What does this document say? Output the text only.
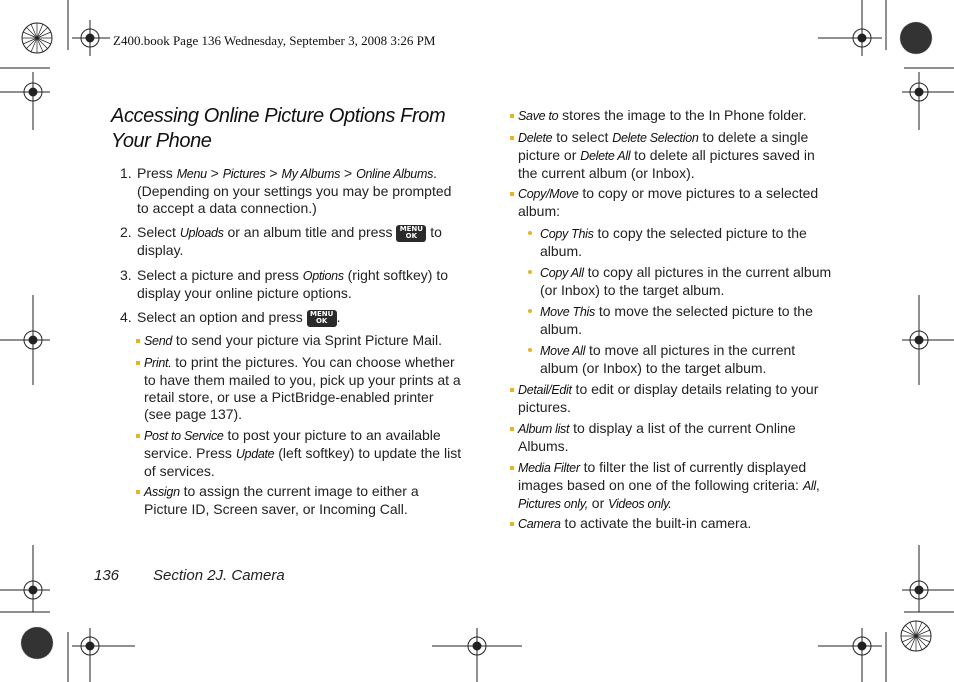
Z400.book Page 136 Wednesday, September 3, 2008 3:26 PM
Accessing Online Picture Options From Your Phone
1. Press Menu > Pictures > My Albums > Online Albums. (Depending on your settings you may be prompted to accept a data connection.)
2. Select Uploads or an album title and press MENU
OK to display.
3. Select a picture and press Options (right softkey) to display your online picture options.
4. Select an option and press MENU
OK .
Send to send your picture via Sprint Picture Mail.
Print. to print the pictures. You can choose whether to have them mailed to you, pick up your prints at a retail store, or use a PictBridge-enabled printer (see page 137).
Post to Service to post your picture to an available service. Press Update (left softkey) to update the list of services.
Assign to assign the current image to either a Picture ID, Screen saver, or Incoming Call.
Save to stores the image to the In Phone folder.
Delete to select Delete Selection to delete a single picture or Delete All to delete all pictures saved in the current album (or Inbox).
Copy/Move to copy or move pictures to a selected album:
Copy This to copy the selected picture to the album.
Copy All to copy all pictures in the current album (or Inbox) to the target album.
Move This to move the selected picture to the album.
Move All to move all pictures in the current album (or Inbox) to the target album.
Detail/Edit to edit or display details relating to your pictures.
Album list to display a list of the current Online Albums.
Media Filter to filter the list of currently displayed images based on one of the following criteria: All, Pictures only, or Videos only.
Camera to activate the built-in camera.
136 Section 2J. Camera
